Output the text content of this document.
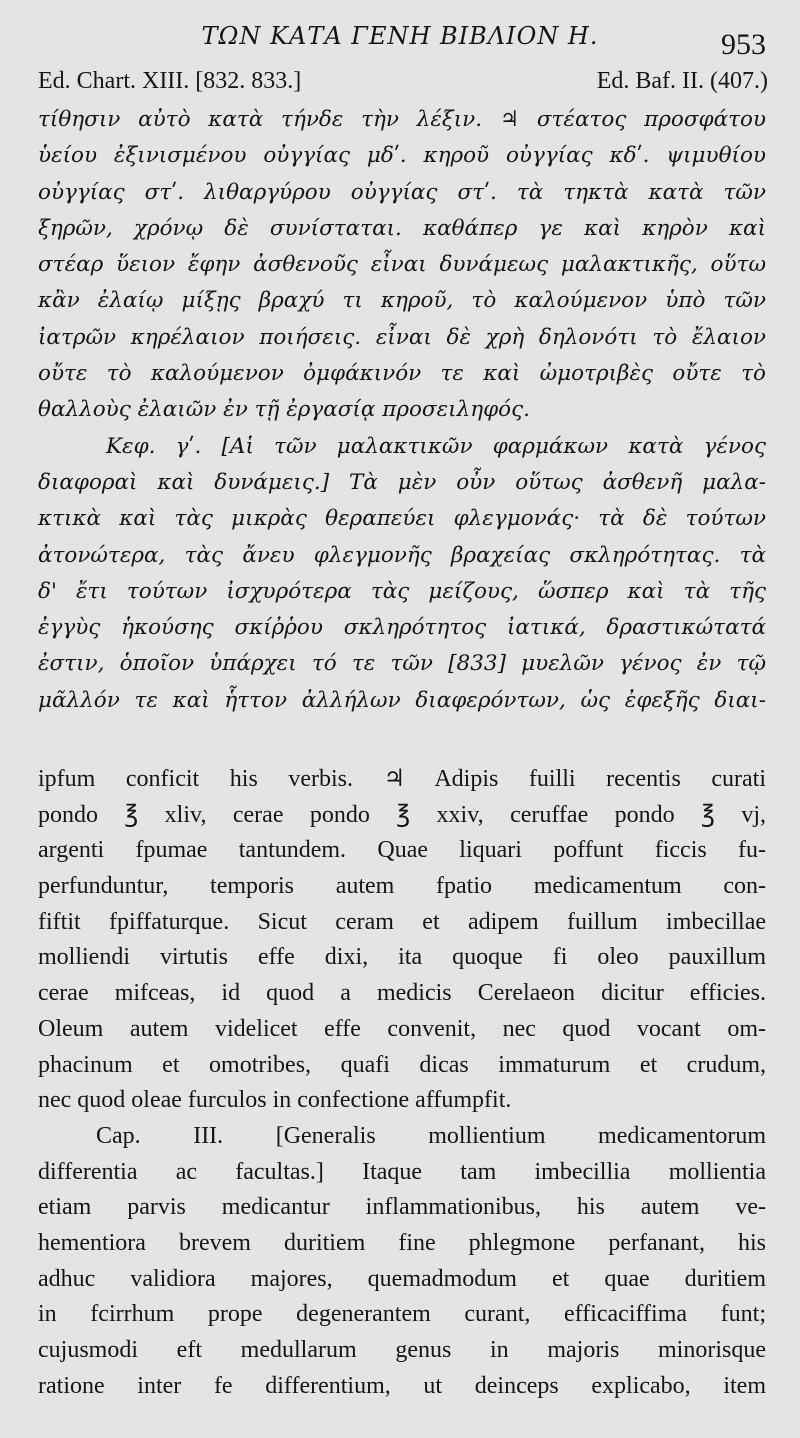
ΤΩΝ ΚΑΤΑ ΓΕΝΗ ΒΙΒΛΙΟΝ Η.	953
Ed. Chart. XIII. [832. 833.]	Ed. Baf. II. (407.)
τίθησιν αὐτὸ κατὰ τήνδε τὴν λέξιν. ♃ στέατος προσφάτου
ὑείου ἐξινισμένου οὐγγίας μδʹ. κηροῦ οὐγγίας κδʹ. ψιμυθίου
οὐγγίας στʹ. λιθαργύρου οὐγγίας στʹ. τὰ τηκτὰ κατὰ τῶν
ξηρῶν, χρόνῳ δὲ συνίσταται. καθάπερ γε καὶ κηρὸν καὶ
στέαρ ὕειον ἔφην ἀσθενοῦς εἶναι δυνάμεως μαλακτικῆς, οὕτω
κἂν ἐλαίῳ μίξῃς βραχύ τι κηροῦ, τὸ καλούμενον ὑπὸ τῶν
ἰατρῶν κηρέλαιον ποιήσεις. εἶναι δὲ χρὴ δηλονότι τὸ ἔλαιον
οὔτε τὸ καλούμενον ὀμφάκινόν τε καὶ ὠμοτριβὲς οὔτε τὸ
θαλλοὺς ἐλαιῶν ἐν τῇ ἐργασίᾳ προσειληφός.
Κεφ. γʹ. [Αἱ τῶν μαλακτικῶν φαρμάκων κατὰ γένος
διαφοραὶ καὶ δυνάμεις.] Τὰ μὲν οὖν οὕτως ἀσθενῆ μαλα-
κτικὰ καὶ τὰς μικρὰς θεραπεύει φλεγμονάς· τὰ δὲ τούτων
ἀτονώτερα, τὰς ἄνευ φλεγμονῆς βραχείας σκληρότητας. τὰ
δ' ἔτι τούτων ἰσχυρότερα τὰς μείζους, ὥσπερ καὶ τὰ τῆς
ἐγγὺς ἡκούσης σκίῤῥου σκληρότητος ἰατικά, δραστικώτατά
ἐστιν, ὁποῖον ὑπάρχει τό τε τῶν [833] μυελῶν γένος ἐν τῷ
μᾶλλόν τε καὶ ἧττον ἀλλήλων διαφερόντων, ὡς ἐφεξῆς διαι-
ipfum conficit his verbis. ♃ Adipis fuilli recentis curati
pondo ℥ xliv, cerae pondo ℥ xxiv, ceruffae pondo ℥ vj,
argenti fpumae tantundem. Quae liquari poffunt ficcis fu-
perfunduntur, temporis autem fpatio medicamentum con-
fiftit fpiffaturque. Sicut ceram et adipem fuillum imbecillae
molliendi virtutis effe dixi, ita quoque fi oleo pauxillum
cerae mifceas, id quod a medicis Cerelaeon dicitur efficies.
Oleum autem videlicet effe convenit, nec quod vocant om-
phacinum et omotribes, quafi dicas immaturum et crudum,
nec quod oleae furculos in confectione affumpfit.
Cap. III. [Generalis mollientium medicamentorum
differentia ac facultas.] Itaque tam imbecillia mollientia
etiam parvis medicantur inflammationibus, his autem ve-
hementiora brevem duritiem fine phlegmone perfanant, his
adhuc validiora majores, quemadmodum et quae duritiem
in fcirrhum prope degenerantem curant, efficaciffima funt;
cujusmodi eft medullarum genus in majoris minorisque
ratione inter fe differentium, ut deinceps explicabo, item
